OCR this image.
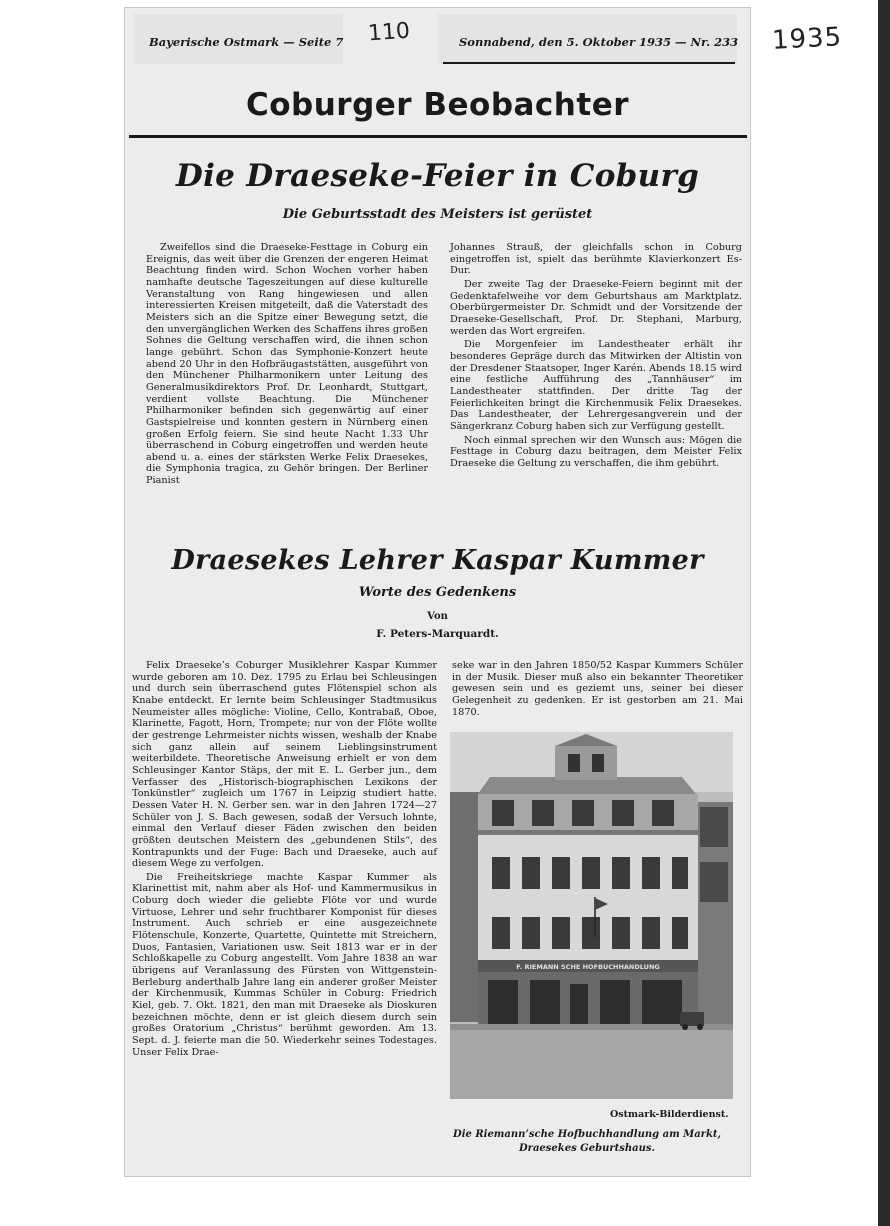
1935
Bayerische Ostmark — Seite 7	Sonnabend, den 5. Oktober 1935 — Nr. 233
Coburger Beobachter
Die Draeseke-Feier in Coburg
Die Geburtsstadt des Meisters ist gerüstet

Zweifellos sind die Draeseke-Festtage in Coburg ein Ereignis, das weit über die Grenzen der engeren Heimat Beachtung finden wird. Schon Wochen vorher haben namhafte deutsche Tageszeitungen auf diese kulturelle Veranstaltung von Rang hingewiesen und allen interessierten Kreisen mitgeteilt, daß die Vaterstadt des Meisters sich an die Spitze einer Bewegung setzt, die den unvergänglichen Werken des Schaffens ihres großen Sohnes die Geltung verschaffen wird, die ihnen schon lange gebührt. Schon das Symphonie-Konzert heute abend 20 Uhr in den Hofbräugaststätten, ausgeführt von den Münchener Philharmonikern unter Leitung des Generalmusikdirektors Prof. Dr. Leonhardt, Stuttgart, verdient vollste Beachtung. Die Münchener Philharmoniker befinden sich gegenwärtig auf einer Gastspielreise und konnten gestern in Nürnberg einen großen Erfolg feiern. Sie sind heute Nacht 1.33 Uhr überraschend in Coburg eingetroffen und werden heute abend u. a. eines der stärksten Werke Felix Draesekes, die Symphonia tragica, zu Gehör bringen. Der Berliner Pianist

Johannes Strauß, der gleichfalls schon in Coburg eingetroffen ist, spielt das berühmte Klavierkonzert Es-Dur.

Der zweite Tag der Draeseke-Feiern beginnt mit der Gedenktafelweihe vor dem Geburtshaus am Marktplatz. Oberbürgermeister Dr. Schmidt und der Vorsitzende der Draeseke-Gesellschaft, Prof. Dr. Stephani, Marburg, werden das Wort ergreifen.

Die Morgenfeier im Landestheater erhält ihr besonderes Gepräge durch das Mitwirken der Altistin von der Dresdener Staatsoper, Inger Karén. Abends 18.15 wird eine festliche Aufführung des „Tannhäuser“ im Landestheater stattfinden. Der dritte Tag der Feierlichkeiten bringt die Kirchenmusik Felix Draesekes. Das Landestheater, der Lehrergesangverein und der Sängerkranz Coburg haben sich zur Verfügung gestellt.

Noch einmal sprechen wir den Wunsch aus: Mögen die Festtage in Coburg dazu beitragen, dem Meister Felix Draeseke die Geltung zu verschaffen, die ihm gebührt.

Draesekes Lehrer Kaspar Kummer
Worte des Gedenkens
Von
F. Peters-Marquardt.

Felix Draeseke’s Coburger Musiklehrer Kaspar Kummer wurde geboren am 10. Dez. 1795 zu Erlau bei Schleusingen und durch sein überraschend gutes Flötenspiel schon als Knabe entdeckt. Er lernte beim Schleusinger Stadtmusikus Neumeister alles mögliche: Violine, Cello, Kontrabaß, Oboe, Klarinette, Fagott, Horn, Trompete; nur von der Flöte wollte der gestrenge Lehrmeister nichts wissen, weshalb der Knabe sich ganz allein auf seinem Lieblingsinstrument weiterbildete. Theoretische Anweisung erhielt er von dem Schleusinger Kantor Stäps, der mit E. L. Gerber jun., dem Verfasser des „Historisch-biographischen Lexikons der Tonkünstler“ zugleich um 1767 in Leipzig studiert hatte. Dessen Vater H. N. Gerber sen. war in den Jahren 1724—27 Schüler von J. S. Bach gewesen, sodaß der Versuch lohnte, einmal den Verlauf dieser Fäden zwischen den beiden größten deutschen Meistern des „gebundenen Stils“, des Kontrapunkts und der Fuge: Bach und Draeseke, auch auf diesem Wege zu verfolgen.

Die Freiheitskriege machte Kaspar Kummer als Klarinettist mit, nahm aber als Hof- und Kammermusikus in Coburg doch wieder die geliebte Flöte vor und wurde Virtuose, Lehrer und sehr fruchtbarer Komponist für dieses Instrument. Auch schrieb er eine ausgezeichnete Flötenschule, Konzerte, Quartette, Quintette mit Streichern, Duos, Fantasien, Variationen usw. Seit 1813 war er in der Schloßkapelle zu Coburg angestellt. Vom Jahre 1838 an war übrigens auf Veranlassung des Fürsten von Wittgenstein-Berleburg anderthalb Jahre lang ein anderer großer Meister der Kirchenmusik, Kummas Schüler in Coburg: Friedrich Kiel, geb. 7. Okt. 1821, den man mit Draeseke als Dioskuren bezeichnen möchte, denn er ist gleich diesem durch sein großes Oratorium „Christus“ berühmt geworden. Am 13. Sept. d. J. feierte man die 50. Wiederkehr seines Todestages. Unser Felix Drae-

seke war in den Jahren 1850/52 Kaspar Kummers Schüler in der Musik. Dieser muß also ein bekannter Theoretiker gewesen sein und es geziemt uns, seiner bei dieser Gelegenheit zu gedenken. Er ist gestorben am 21. Mai 1870.

F. RIEMANN SCHE HOFBUCHHANDLUNG
Ostmark-Bilderdienst.
Die Riemann’sche Hofbuchhandlung am Markt,
Draesekes Geburtshaus.
110
